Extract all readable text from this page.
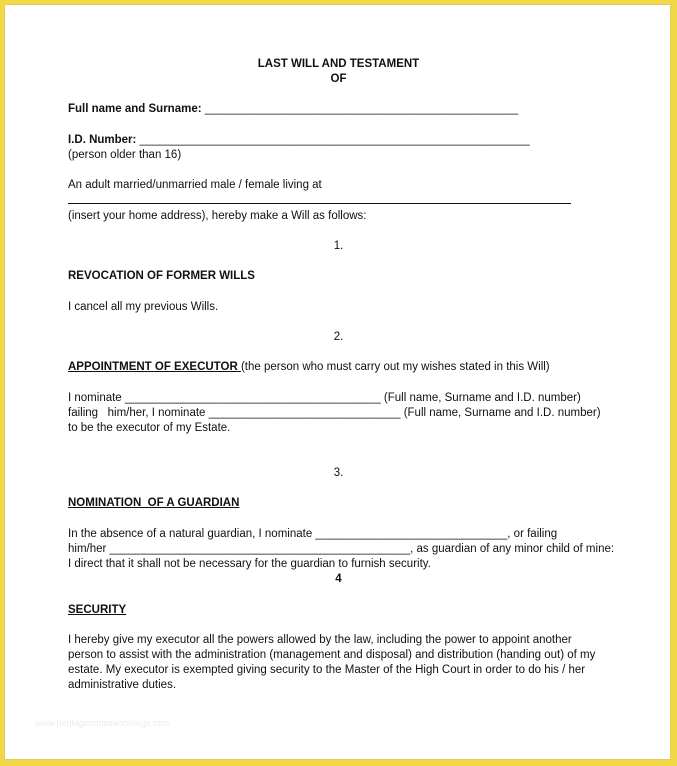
LAST WILL AND TESTAMENT
OF
Full name and Surname: _________________________________________________
I.D. Number: _____________________________________________________________
(person older than 16)
An adult married/unmarried male / female living at
(insert your home address), hereby make a Will as follows:
1.
REVOCATION OF FORMER WILLS
I cancel all my previous Wills.
2.
APPOINTMENT OF EXECUTOR (the person who must carry out my wishes stated in this Will)
I nominate ________________________________________ (Full name, Surname and I.D. number)
failing   him/her, I nominate ______________________________ (Full name, Surname and I.D. number)
to be the executor of my Estate.
3.
NOMINATION  OF A GUARDIAN
In the absence of a natural guardian, I nominate ______________________________, or failing
him/her _______________________________________________, as guardian of any minor child of mine:
I direct that it shall not be necessary for the guardian to furnish security.
4
SECURITY
I hereby give my executor all the powers allowed by the law, including the power to appoint another
person to assist with the administration (management and disposal) and distribution (handing out) of my
estate. My executor is exempted giving security to the Master of the High Court in order to do his / her
administrative duties.
www.heritagechristiancollege.com
